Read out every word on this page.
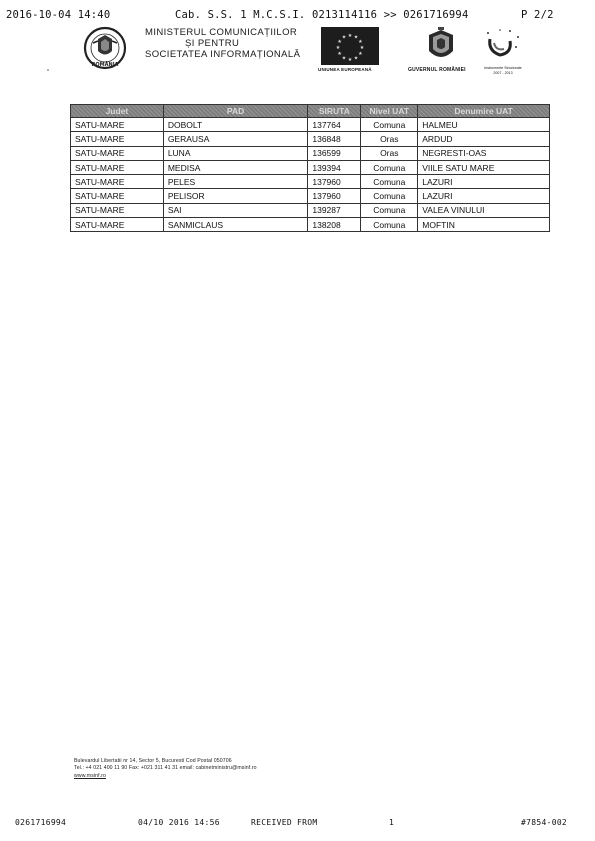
2016-10-04 14:40	Cab. S.S. 1 M.C.S.I. 0213114116 >> 0261716994	P 2/2
ROMÂNIA
MINISTERUL COMUNICAȚIILOR
ȘI PENTRU
SOCIETATEA INFORMAȚIONALĂ
★ ★
★
★
★
★
★
★
★
★
★
★
UNIUNEA EUROPEANĂ	GUVERNUL ROMÂNIEI	Instrumente Structurale
2007 - 2013
Judet	PAD	SIRUTA	Nivel UAT	Denumire UAT
SATU-MARE	DOBOLT	137764	Comuna	HALMEU
SATU-MARE	GERAUSA	136848	Oras	ARDUD
SATU-MARE	LUNA	136599	Oras	NEGRESTI-OAS
SATU-MARE	MEDISA	139394	Comuna	VIILE SATU MARE
SATU-MARE	PELES	137960	Comuna	LAZURI
SATU-MARE	PELISOR	137960	Comuna	LAZURI
SATU-MARE	SAI	139287	Comuna	VALEA VINULUI
SATU-MARE	SANMICLAUS	138208	Comuna	MOFTIN
Bulevardul Libertatii nr 14, Sector 5, Bucuresti Cod Postal 050706
Tel.: +4 021 400 11 90 Fax: +021 311 41 31 email: cabinetministru@msinf.ro
www.msinf.ro
0261716994	04/10 2016 14:56	RECEIVED FROM	1	#7854-002
